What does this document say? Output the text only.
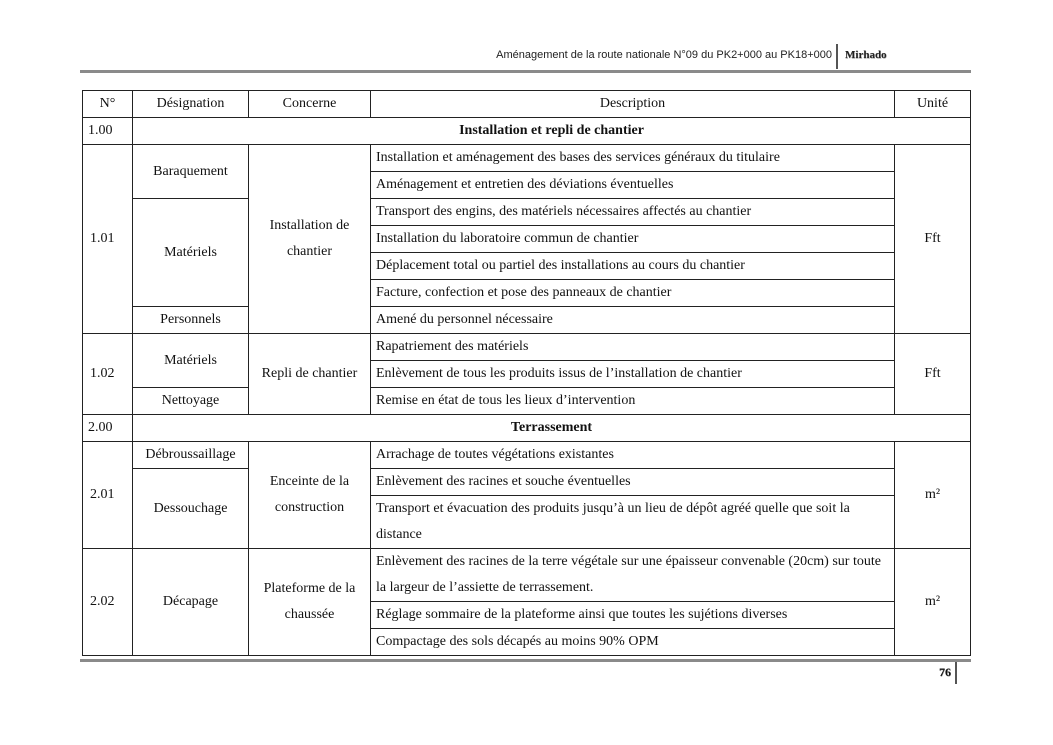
Aménagement de la route nationale N°09 du PK2+000 au PK18+000 Mirhado
N°	Désignation	Concerne	Description	Unité
1.00	Installation et repli de chantier			
1.01	Baraquement	Installation de chantier	Installation et aménagement des bases des services généraux du titulaire	Fft
			Aménagement et entretien des déviations éventuelles	
	Matériels		Transport des engins, des matériels nécessaires affectés au chantier	
			Installation du laboratoire commun de chantier	
			Déplacement total ou partiel des installations au cours du chantier	
			Facture, confection et pose des panneaux de chantier	
	Personnels		Amené du personnel nécessaire	
1.02	Matériels	Repli de chantier	Rapatriement des matériels	Fft
			Enlèvement de tous les produits issus de l’installation de chantier	
	Nettoyage		Remise en état de tous les lieux d’intervention	
2.00	Terrassement			
2.01	Débroussaillage	Enceinte de la construction	Arrachage de toutes végétations existantes	m²
	Dessouchage		Enlèvement des racines et souche éventuelles	
			Transport et évacuation des produits jusqu’à un lieu de dépôt agréé quelle que soit la distance	

2.02	Décapage	Plateforme de la chaussée	Enlèvement des racines de la terre végétale sur une épaisseur convenable (20cm) sur toute la largeur de l’assiette de terrassement.	m²

			Réglage sommaire de la plateforme ainsi que toutes les sujétions diverses	
			Compactage des sols décapés au moins 90% OPM	
76
